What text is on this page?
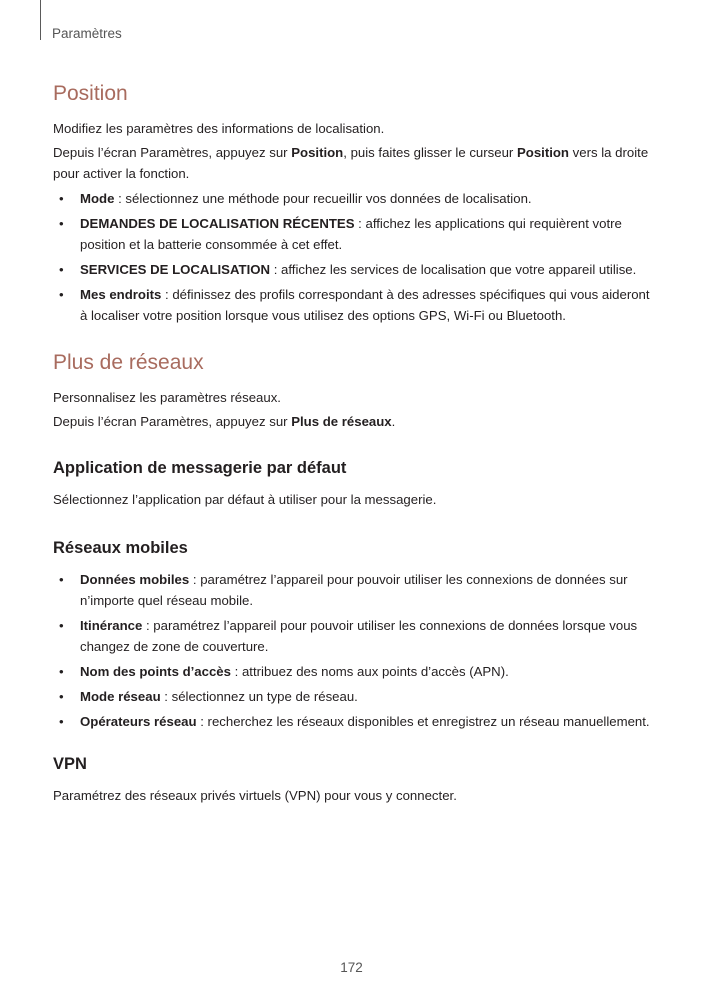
Paramètres
Position

Modifiez les paramètres des informations de localisation.

Depuis l’écran Paramètres, appuyez sur Position, puis faites glisser le curseur Position vers la droite pour activer la fonction.

• Mode : sélectionnez une méthode pour recueillir vos données de localisation.
• DEMANDES DE LOCALISATION RÉCENTES : affichez les applications qui requièrent votre position et la batterie consommée à cet effet.
• SERVICES DE LOCALISATION : affichez les services de localisation que votre appareil utilise.
• Mes endroits : définissez des profils correspondant à des adresses spécifiques qui vous aideront à localiser votre position lorsque vous utilisez des options GPS, Wi-Fi ou Bluetooth.
Plus de réseaux

Personnalisez les paramètres réseaux.

Depuis l’écran Paramètres, appuyez sur Plus de réseaux.

Application de messagerie par défaut

Sélectionnez l’application par défaut à utiliser pour la messagerie.

Réseaux mobiles
• Données mobiles : paramétrez l’appareil pour pouvoir utiliser les connexions de données sur n’importe quel réseau mobile.
• Itinérance : paramétrez l’appareil pour pouvoir utiliser les connexions de données lorsque vous changez de zone de couverture.
• Nom des points d’accès : attribuez des noms aux points d’accès (APN).
• Mode réseau : sélectionnez un type de réseau.
• Opérateurs réseau : recherchez les réseaux disponibles et enregistrez un réseau manuellement.
VPN

Paramétrez des réseaux privés virtuels (VPN) pour vous y connecter.

172
